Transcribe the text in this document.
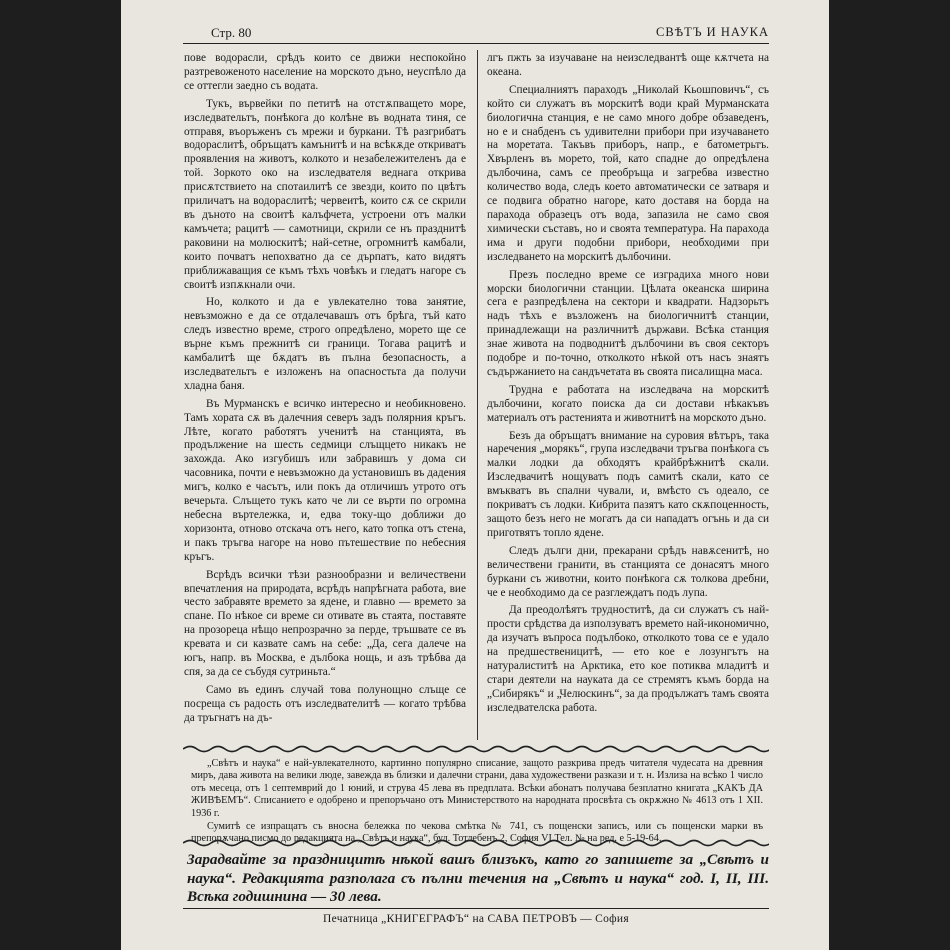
Стр. 80	СВѢТЪ И НАУКА

пове водорасли, срѣдъ които се движи неспокойно разтревоженото население на морското дъно, неуспѣло да се оттегли заедно съ водата.

Тукъ, вървейки по петитѣ на отстѫпващето море, изследвательтъ, понѣкога до колѣне въ водната тиня, се отправя, въоръженъ съ мрежи и буркани. Тѣ разгрибатъ водораслитѣ, обръщатъ камънитѣ и на всѣкѫде откриватъ проявления на животъ, колкото и незабележителенъ да е той. Зоркото око на изследвателя веднага открива присѫтствието на спотаилитѣ се звезди, които по цвѣтъ приличатъ на водораслитѣ; червеитѣ, които сѫ се скрили въ дъното на своитѣ калъфчета, устроени отъ малки камъчета; рацитѣ — самотници, скрили се нъ празднитѣ раковини на молюскитѣ; най-сетне, огромнитѣ камбали, които почватъ непохватно да се дърпатъ, като видятъ приближаващия се къмъ тѣхъ човѣкъ и гледатъ нагоре съ своитѣ изпѫкнали очи.

Но, колкото и да е увлекателно това занятие, невъзможно е да се отдалечавашъ отъ брѣга, тъй като следъ известно време, строго опредѣлено, морето ще се върне къмъ прежнитѣ си граници. Тогава рацитѣ и камбалитѣ ще бѫдатъ въ пълна безопасность, а изследвательтъ е изложенъ на опасностьта да получи хладна баня.

Въ Мурманскъ е всичко интересно и необикновено. Тамъ хората сѫ въ далечния северъ задъ полярния кръгъ. Лѣте, когато работятъ ученитѣ на станцията, въ продължение на шесть седмици слъщцето никакъ не захожда. Ако изгубишъ или забравишъ у дома си часовника, почти е невъзможно да установишъ въ дадения мигъ, колко е часътъ, или покъ да отличишъ утрото отъ вечерьта. Слъщето тукъ като че ли се върти по огромна небесна въртележка, и, едва току-що доближи до хоризонта, отново отскача отъ него, като топка отъ стена, и пакъ тръгва нагоре на ново пътешествие по небесния кръгъ.

Всрѣдъ всички тѣзи разнообразни и величествени впечатления на природата, всрѣдъ напрѣгната работа, вие често забравяте времето за ядене, и главно — времето за спане. По нѣкое си време си отивате въ стаята, поставяте на прозореца нѣщо непрозрачно за перде, тръшвате се въ кревата и си казвате самъ на себе: „Да, сега далече на югъ, напр. въ Москва, е дълбока нощь, и азъ трѣбва да спя, за да се събудя сутриньта.“

Само въ единъ случай това полунощно слъще се посреща съ радость отъ изследвателитѣ — когато трѣбва да тръгнатъ на дъ-

лгъ пжть за изучаване на неизследвантѣ още кѫтчета на океана.

Специалниятъ параходъ „Николай Кьошповичъ“, съ който си служатъ въ морскитѣ води край Мурманската биологична станция, е не само много добре обзаведенъ, но е и снабденъ съ удивителни прибори при изучаването на моретата. Такъвъ приборъ, напр., е батометрьтъ. Хвърленъ въ морето, той, като спадне до опредѣлена дълбочина, самъ се преобръща и загребва известно количество вода, следъ което автоматически се затваря и се подвига обратно нагоре, като доставя на борда на парахода образецъ отъ вода, запазила не само своя химически съставъ, но и своята температура. На парахода има и други подобни прибори, необходими при изследването на морскитѣ дълбочини.

Презъ последно време се изградиха много нови морски биологични станции. Цѣлата океанска ширина сега е разпредѣлена на сектори и квадрати. Надзорьтъ надъ тѣхъ е възложенъ на биологичнитѣ станции, принадлежащи на различнитѣ държави. Всѣка станция знае живота на подводнитѣ дълбочини въ своя секторъ подобре и по-точно, отколкото нѣкой отъ насъ знаятъ съдържанието на сандъчетата въ своята писалищна маса.

Трудна е работата на изследвача на морскитѣ дълбочини, когато поиска да си достави нѣкакъвъ материалъ отъ растенията и животнитѣ на морското дъно.

Безъ да обръщатъ внимание на суровия вѣтъръ, така наречения „морякъ“, група изследвачи тръгва понѣкога съ малки лодки да обходятъ крайбрѣжнитѣ скали. Изследвачитѣ нощуватъ подъ самитѣ скали, като се вмъкватъ въ спални чували, и, вмѣсто съ одеало, се покриватъ съ лодки. Кибрита пазятъ като скѫпоценность, защото безъ него не могатъ да си нападатъ огънь и да си приготвятъ топло ядене.

Следъ дълги дни, прекарани срѣдъ навѫсенитѣ, но величествени гранити, въ станцията се донасятъ много буркани съ животни, които понѣкога сѫ толкова дребни, че е необходимо да се разглеждатъ подъ лупа.

Да преодолѣятъ трудноститѣ, да си служатъ съ най-прости срѣдства да използуватъ времето най-икономично, да изучатъ въпроса подълбоко, отколкото това се е удало на предшественицитѣ, — ето кое е лозунгътъ на натуралиститѣ на Арктика, ето кое потиква младитѣ и стари деятели на науката да се стремятъ къмъ борда на „Сибирякъ“ и „Челюскинъ“, за да продължатъ тамъ своята изследвателска работа.

„Свѣтъ и наука“ е най-увлекателното, картинно популярно списание, защото разкрива предъ читателя чудесата на древния миръ, дава живота на велики люде, завежда въ близки и далечни страни, дава художествени разкази и т. н. Излиза на всѣко 1 число отъ месеца, отъ 1 септемврий до 1 юний, и струва 45 лева въ предплата. Всѣки абонатъ получава безплатно книгата „КАКЪ ДА ЖИВѢЕМЪ“. Списанието е одобрено и препоръчано отъ Министерството на народната просвѣта съ окрѫжно № 4613 отъ 1 XII. 1936 г.

Сумитѣ се изпращатъ съ вносна бележка по чекова смѣтка № 741, съ пощенски записъ, или съ пощенски марки въ препорѫчано писмо до редакцията на „Свѣтъ и наука“, бул. Тотлебенъ 2, София VI Тел. № на ред. е 5-19-64.

Зарадвайте за праздницитѣ нѣкой вашъ близъкъ, като го запишете за „Свѣтъ и наука“. Редакцията разполага съ пълни течения на „Свѣтъ и наука“ год. I, II, III. Всѣка годишнина — 30 лева.
Печатница „КНИГЕГРАФЪ“ на САВА ПЕТРОВЪ — София
